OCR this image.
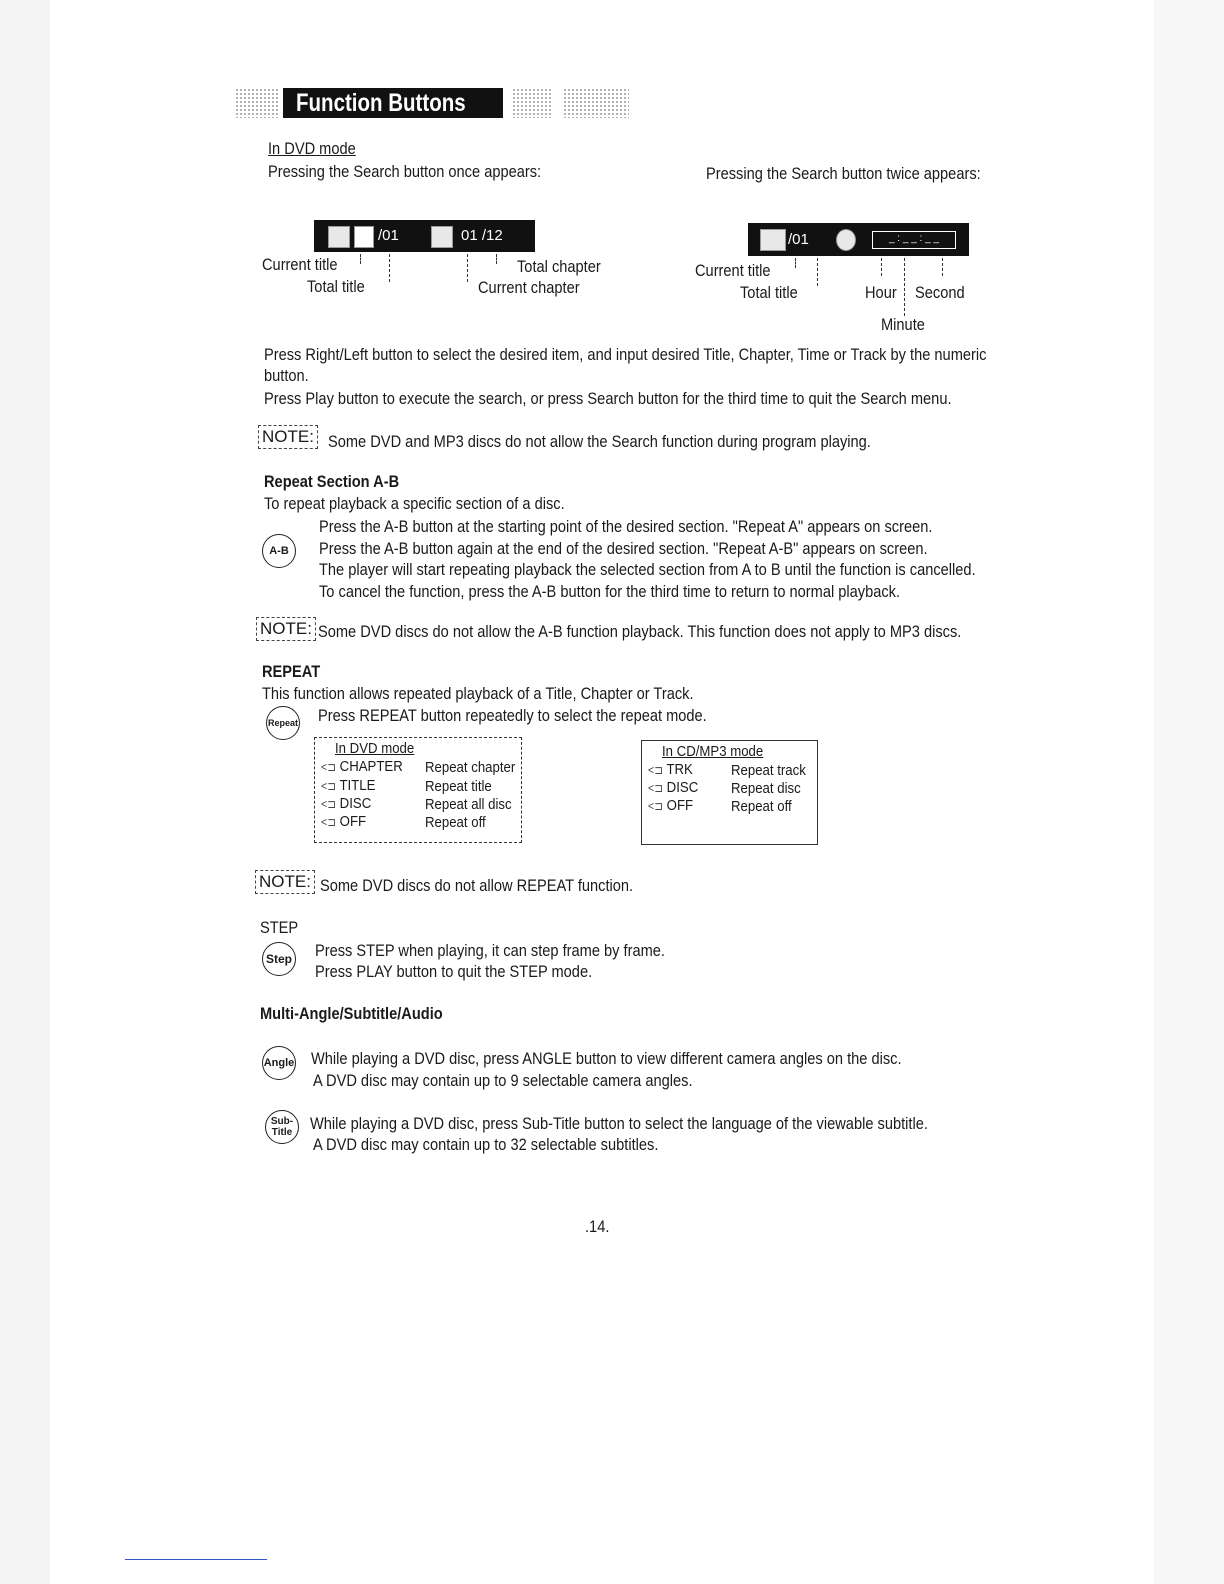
Function Buttons
In DVD mode
Pressing the Search button once appears:	Pressing the Search button twice appears:
/01	01 /12
Current title
Total title
Total chapter
Current chapter
/01	_ : _ _ : _ _
Current title
Total title	Hour Second
Minute
Press Right/Left button to select the desired item, and input desired Title, Chapter, Time or Track by the numeric
button.
Press Play button to execute the search, or press Search button for the third time to quit the Search menu.
NOTE: Some DVD and MP3 discs do not allow the Search function during program playing.
Repeat Section A-B
To repeat playback a specific section of a disc.
A-B
Press the A-B button at the starting point of the desired section. "Repeat A" appears on screen.
Press the A-B button again at the end of the desired section. "Repeat A-B" appears on screen.
The player will start repeating playback the selected section from A to B until the function is cancelled.
To cancel the function, press the A-B button for the third time to return to normal playback.
NOTE: Some DVD discs do not allow the A-B function playback. This function does not apply to MP3 discs.
REPEAT
This function allows repeated playback of a Title, Chapter or Track.
Repeat Press REPEAT button repeatedly to select the repeat mode.
In DVD mode
<⊐ CHAPTER Repeat chapter
<⊐ TITLE	Repeat title
<⊐ DISC	Repeat all disc
<⊐ OFF	Repeat off
In CD/MP3 mode
<⊐ TRK	Repeat track
<⊐ DISC Repeat disc
<⊐ OFF	Repeat off
NOTE: Some DVD discs do not allow REPEAT function.
STEP
Step Press STEP when playing, it can step frame by frame.
Press PLAY button to quit the STEP mode.
Multi-Angle/Subtitle/Audio
Angle While playing a DVD disc, press ANGLE button to view different camera angles on the disc.
A DVD disc may contain up to 9 selectable camera angles.
Sub-
Title While playing a DVD disc, press Sub-Title button to select the language of the viewable subtitle.
A DVD disc may contain up to 32 selectable subtitles.
.14.
